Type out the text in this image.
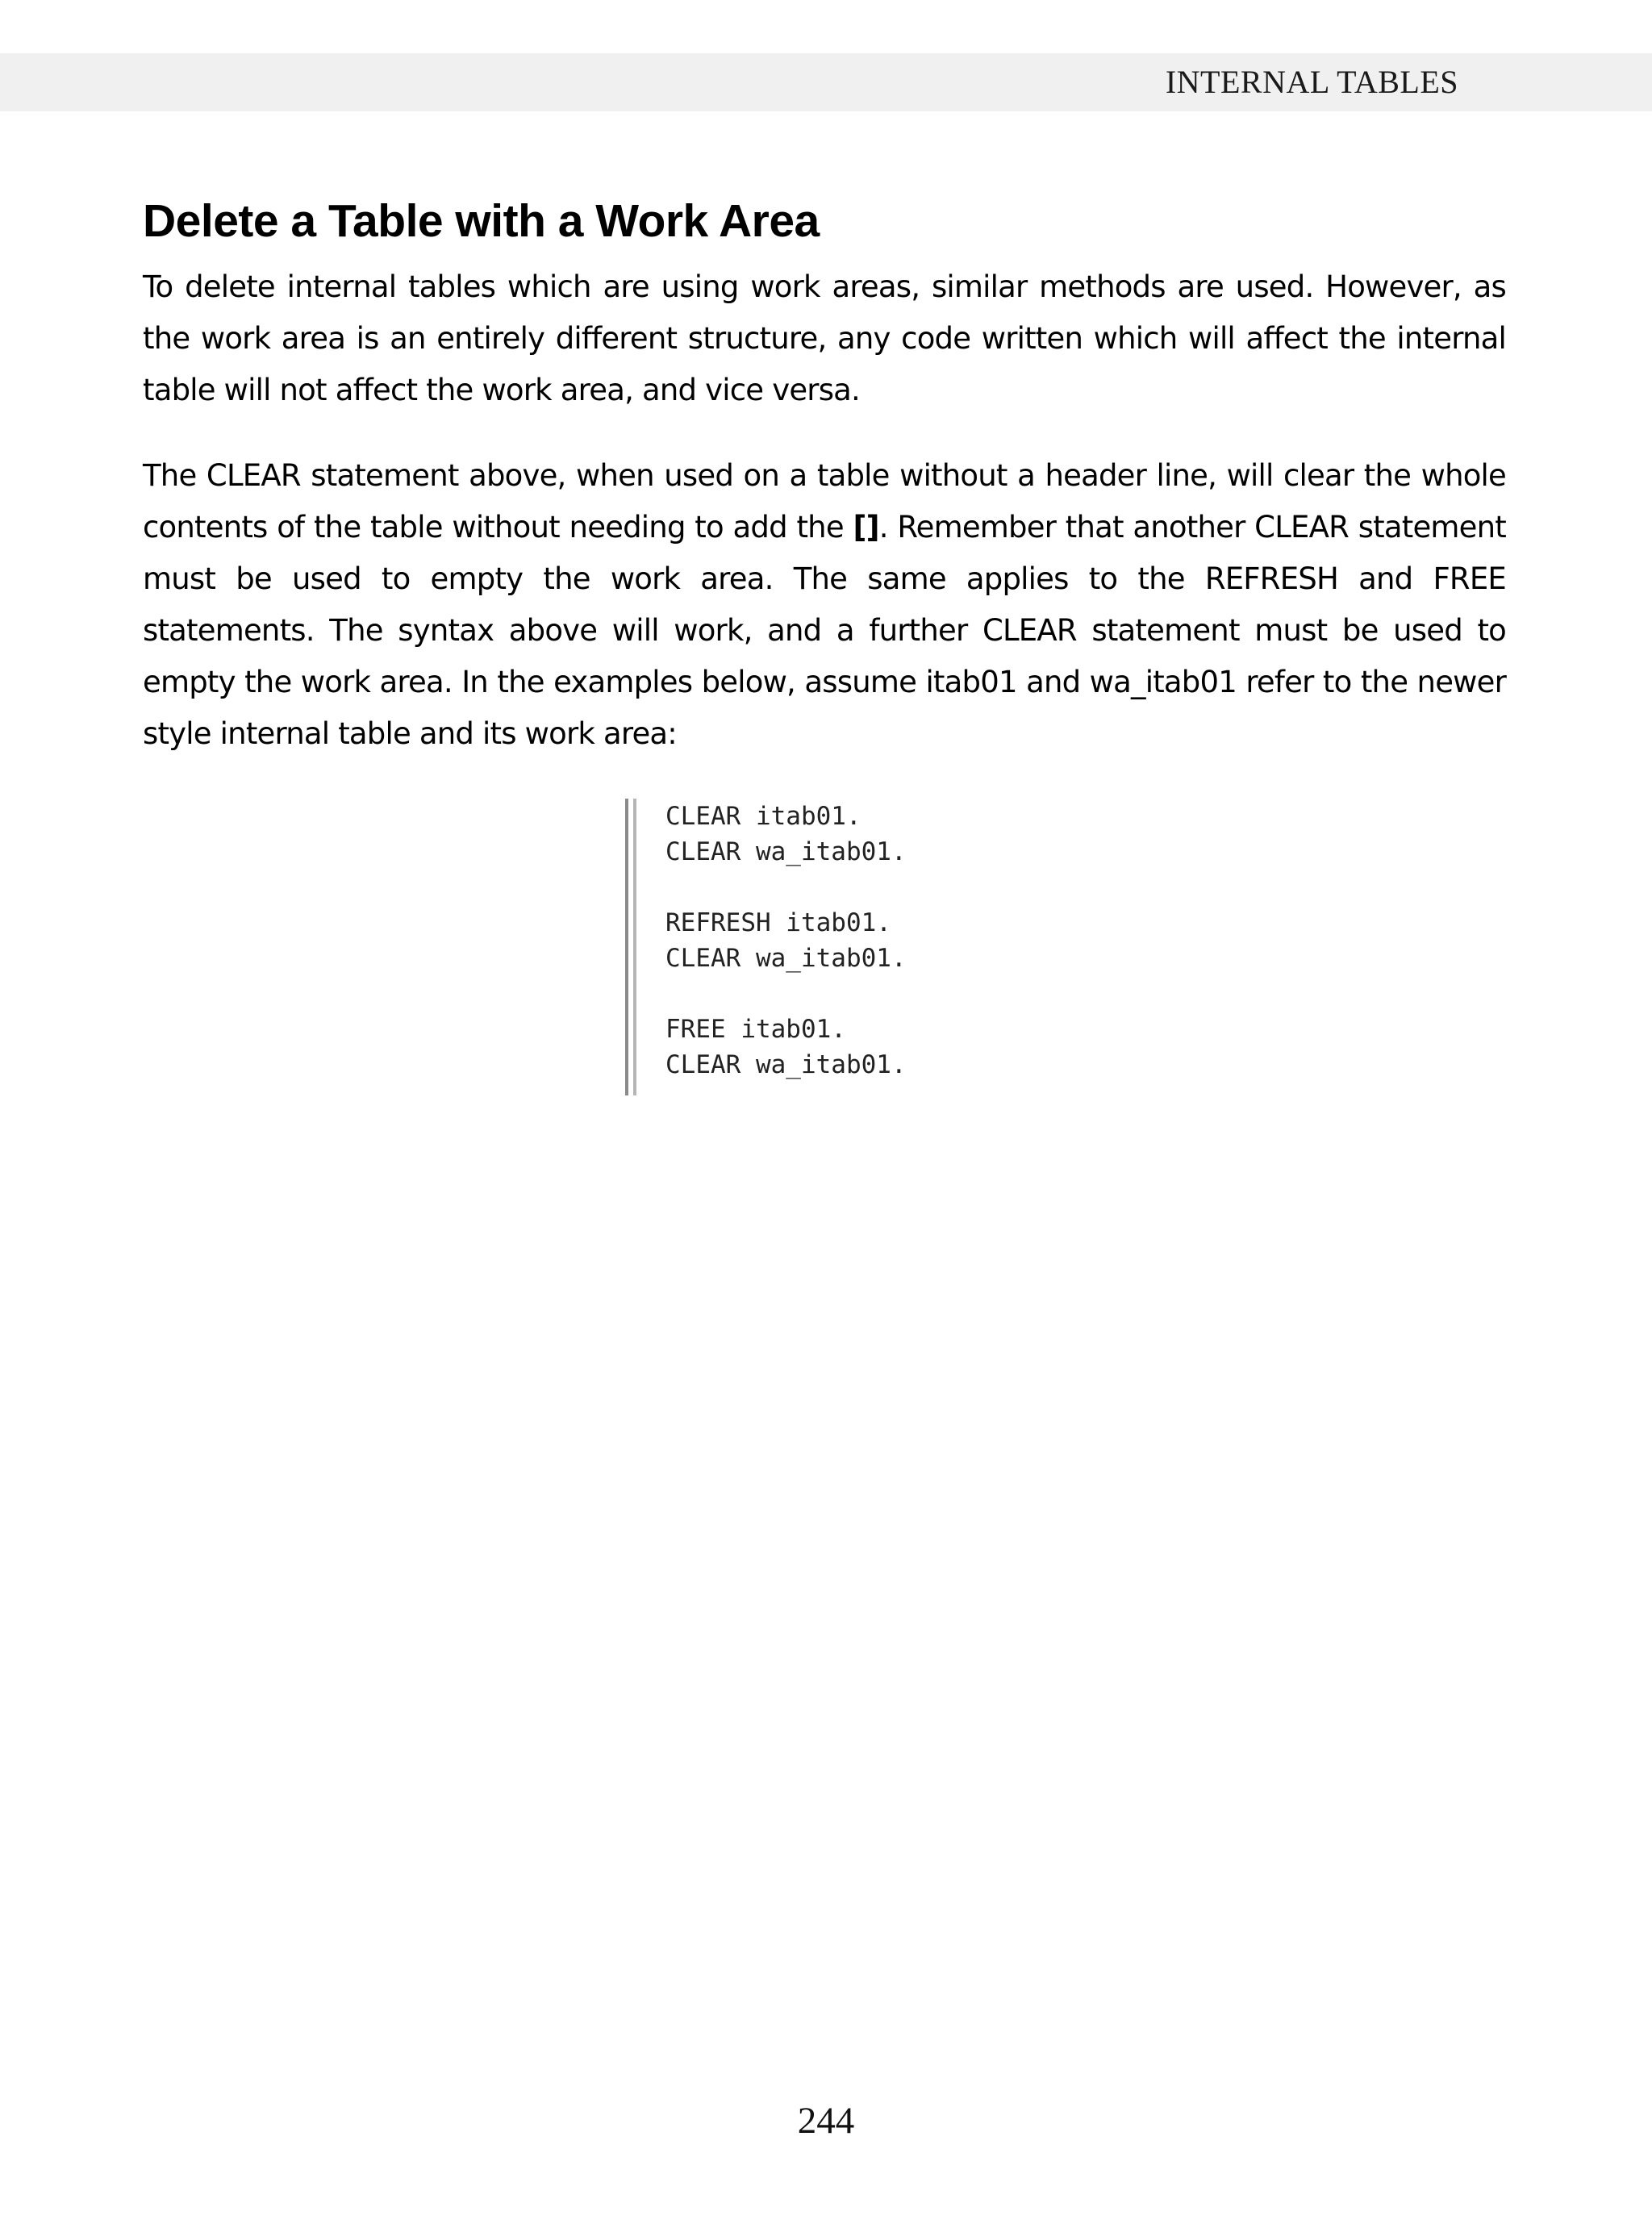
INTERNAL TABLES
Delete a Table with a Work Area

To delete internal tables which are using work areas, similar methods are used. However, as the work area is an entirely different structure, any code written which will affect the internal table will not affect the work area, and vice versa.

The CLEAR statement above, when used on a table without a header line, will clear the whole contents of the table without needing to add the []. Remember that another CLEAR statement must be used to empty the work area. The same applies to the REFRESH and FREE statements. The syntax above will work, and a further CLEAR statement must be used to empty the work area. In the examples below, assume itab01 and wa_itab01 refer to the newer style internal table and its work area:

CLEAR itab01.
CLEAR wa_itab01.
REFRESH itab01.
CLEAR wa_itab01.
FREE itab01.
CLEAR wa_itab01.
244
